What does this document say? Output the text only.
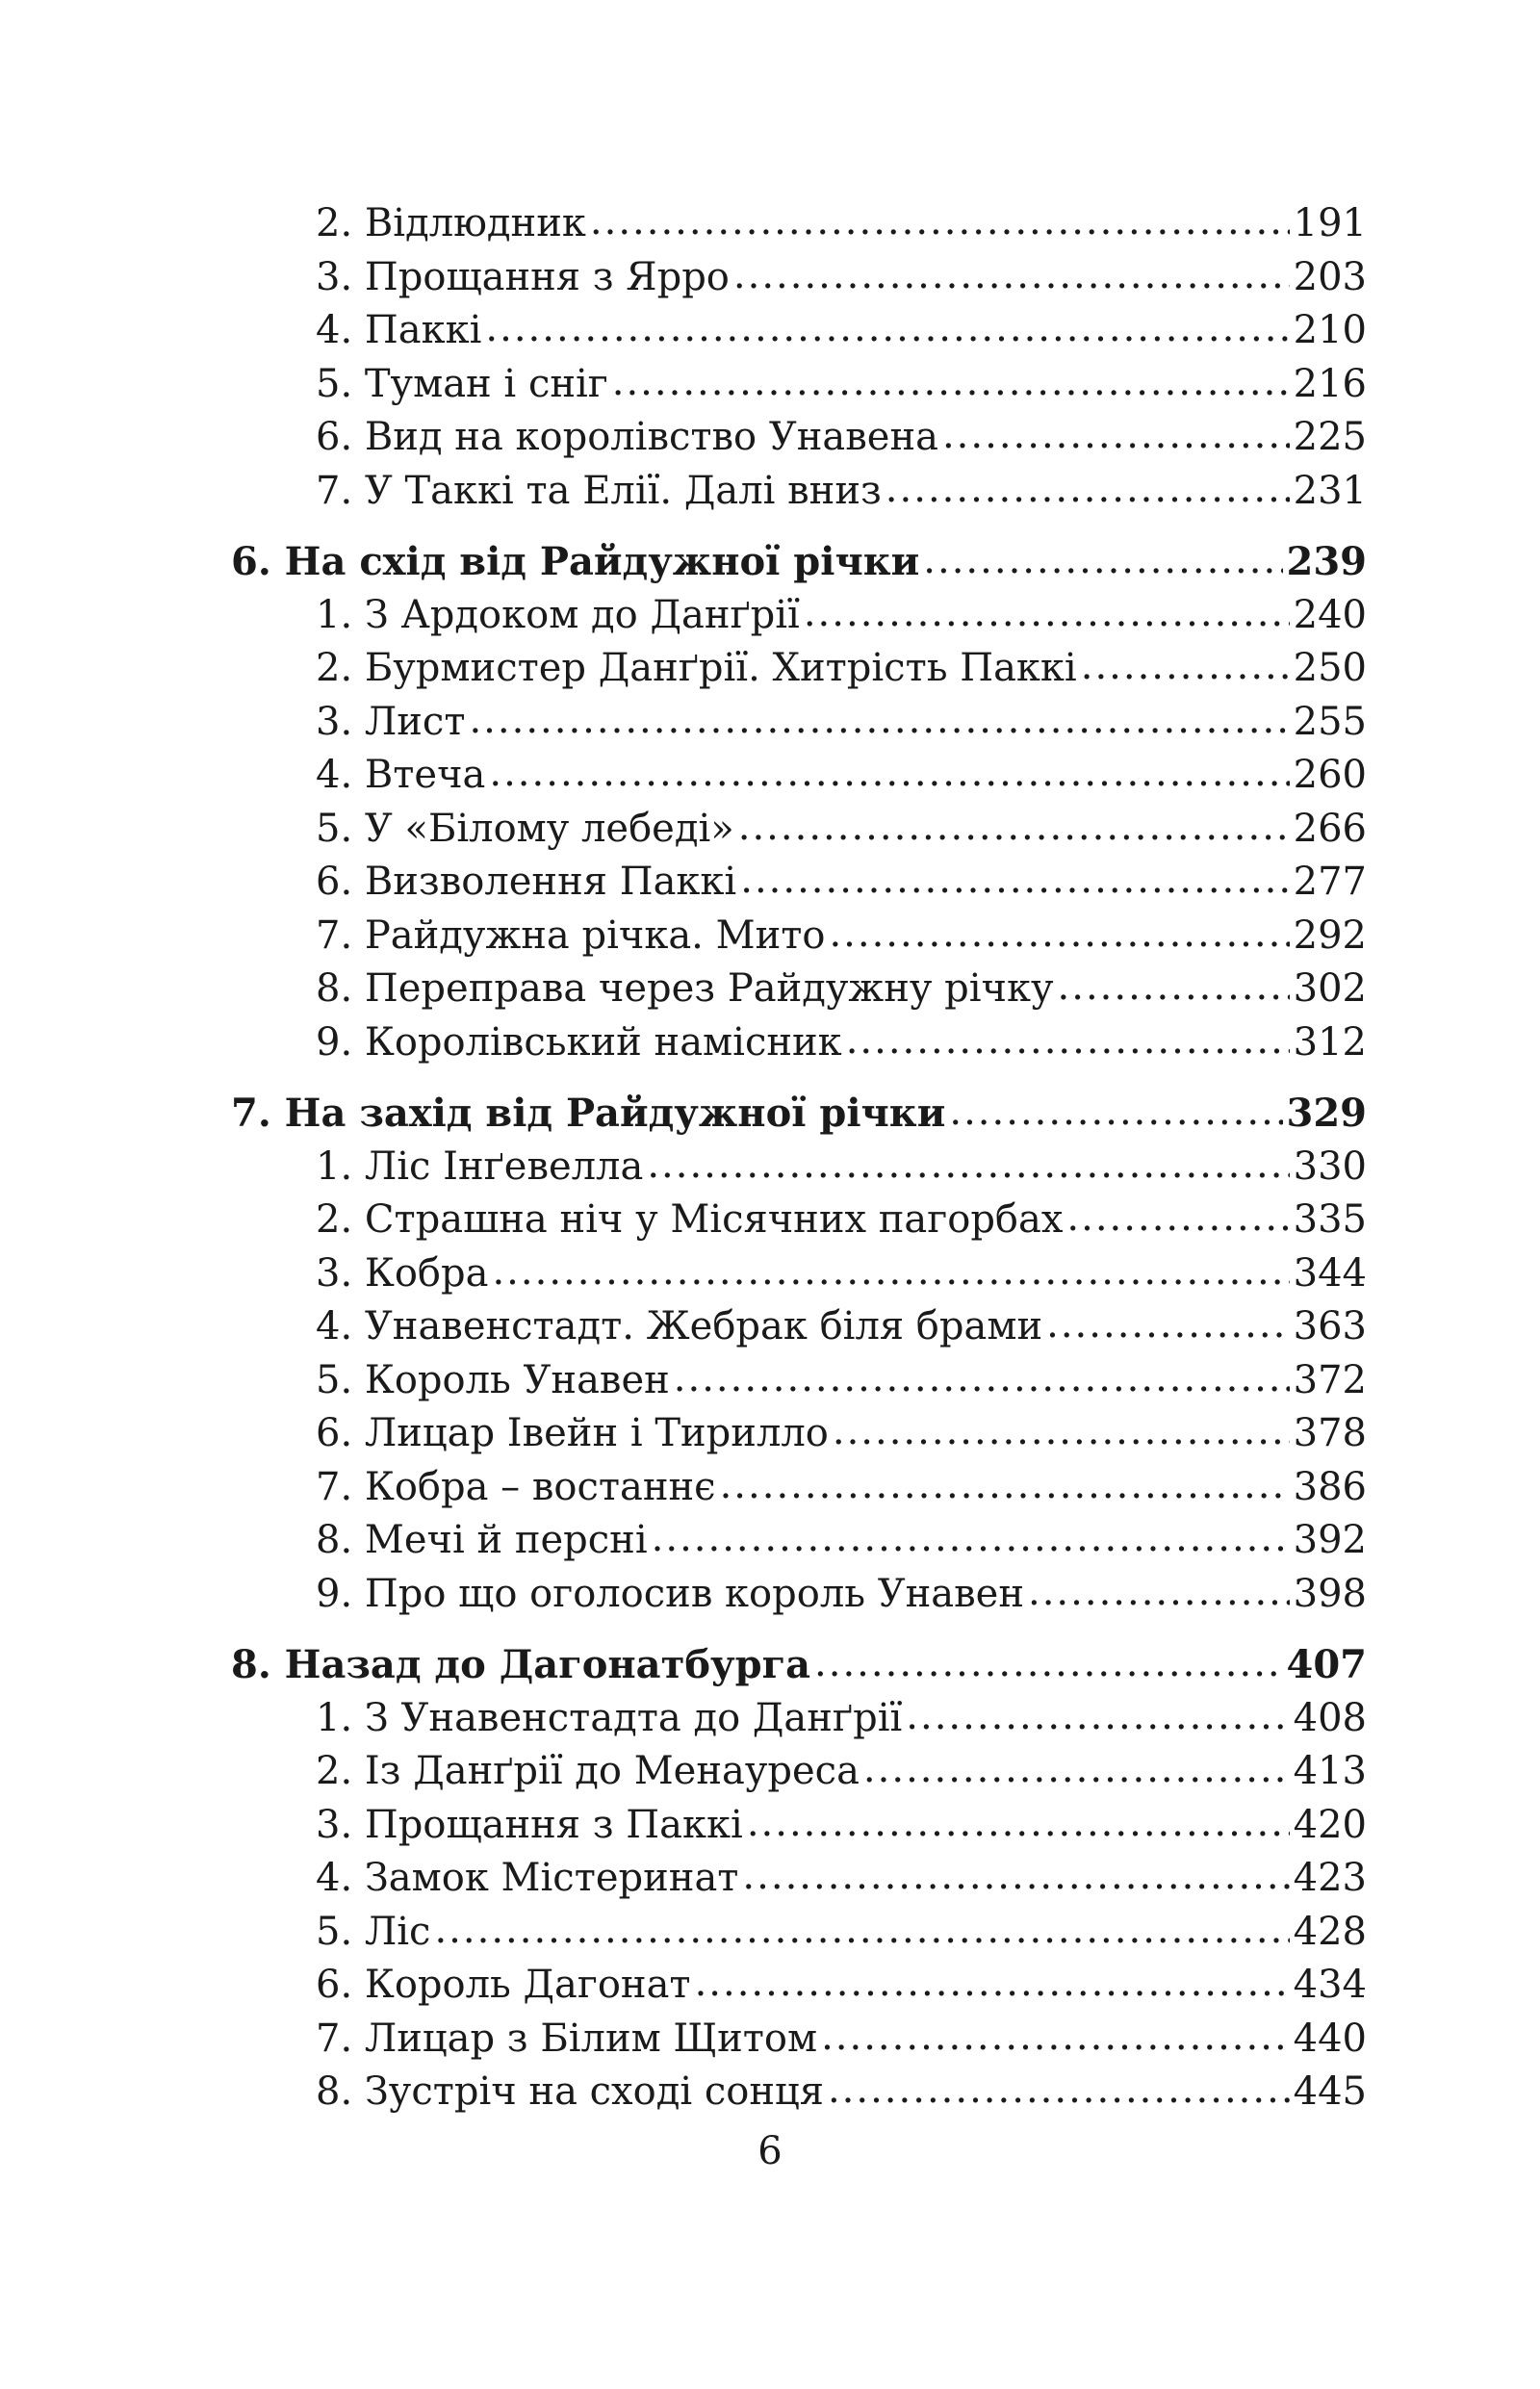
2. Відлюдник .....	191
3. Прощання з Ярро .....	203
4. Паккі .....	210
5. Туман і сніг .....	216
6. Вид на королівство Унавена .....	225
7. У Таккі та Елії. Далі вниз .....	231
6. На схід від Райдужної річки .....	239
1. З Ардоком до Данґрії .....	240
2. Бурмистер Данґрії. Хитрість Паккі .....	250
3. Лист .....	255
4. Втеча .....	260
5. У «Білому лебеді» .....	266
6. Визволення Паккі .....	277
7. Райдужна річка. Мито .....	292
8. Переправа через Райдужну річку .....	302
9. Королівський намісник .....	312
7. На захід від Райдужної річки .....	329
1. Ліс Інґевелла .....	330
2. Страшна ніч у Місячних пагорбах .....	335
3. Кобра .....	344
4. Унавенстадт. Жебрак біля брами .....	363
5. Король Унавен .....	372
6. Лицар Івейн і Тирилло .....	378
7. Кобра – востаннє .....	386
8. Мечі й персні .....	392
9. Про що оголосив король Унавен .....	398
8. Назад до Дагонатбурга .....	407
1. З Унавенстадта до Данґрії .....	408
2. Із Данґрії до Менауреса .....	413
3. Прощання з Паккі .....	420
4. Замок Містеринат .....	423
5. Ліс .....	428
6. Король Дагонат .....	434
7. Лицар з Білим Щитом .....	440
8. Зустріч на сході сонця .....	445
6
